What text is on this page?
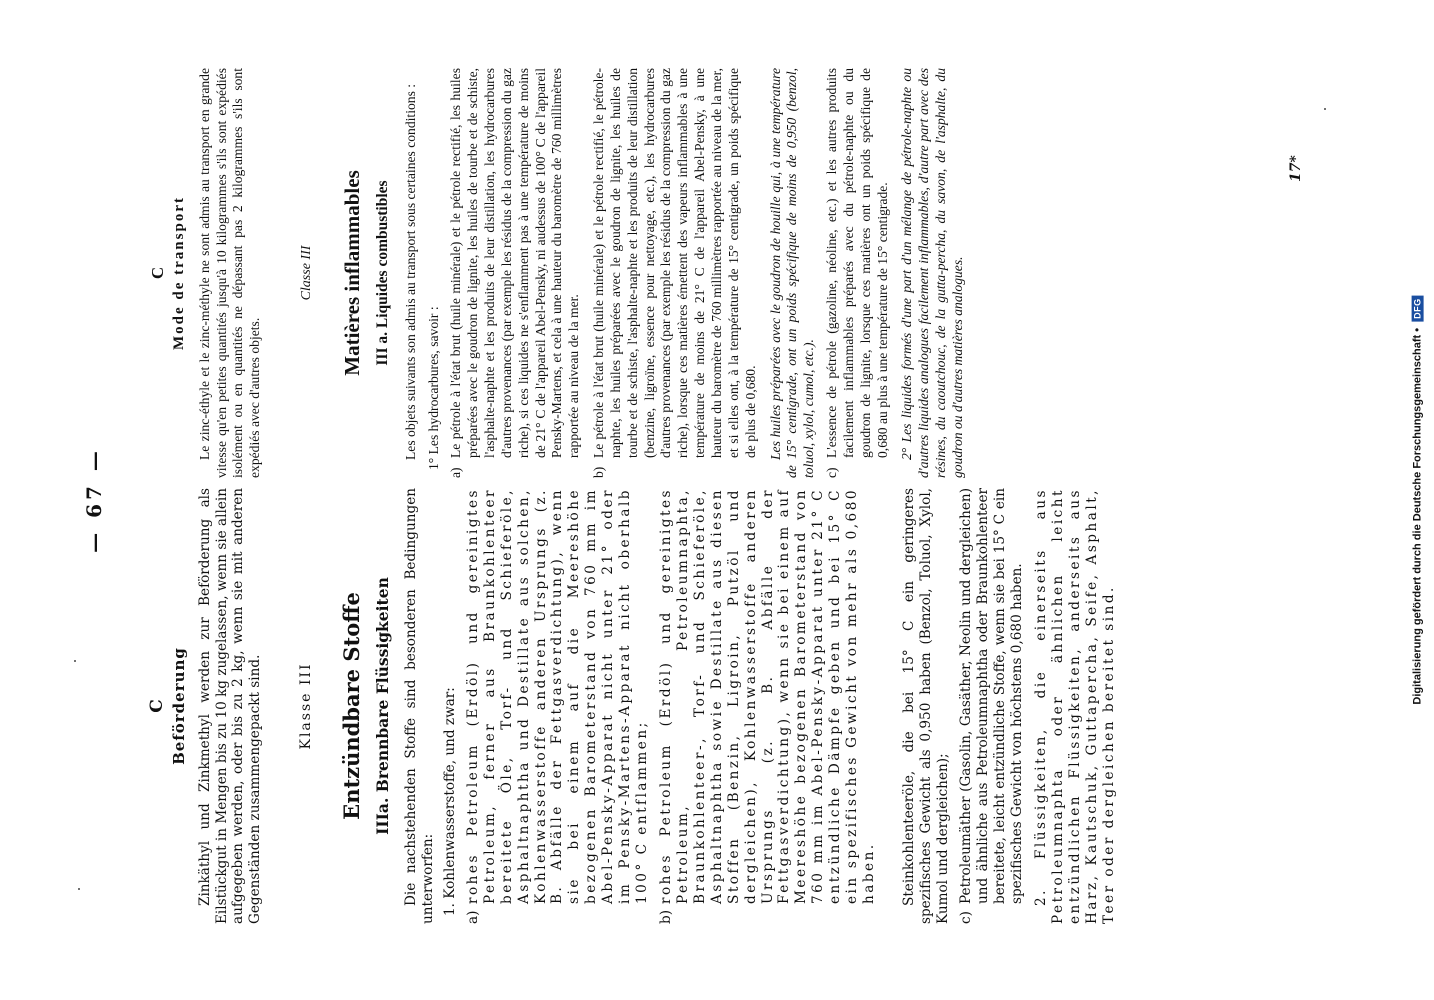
— 67 —
C Beförderung Zinkäthyl und Zinkmethyl werden zur Beförderung als Eilstückgut in Mengen bis zu 10 kg zugelassen, wenn sie allein aufgegeben werden, oder bis zu 2 kg, wenn sie mit anderen Gegenständen zusammengepackt sind. Klasse III Entzündbare Stoffe IIIa. Brennbare Flüssigkeiten Die nachstehenden Stoffe sind besonderen Bedingungen unterworfen: 1. Kohlenwasserstoffe, und zwar:
a)
rohes Petroleum (Erdöl) und gereinigtes Petroleum, ferner aus Braunkohlenteer bereitete Öle, Torf- und Schieferöle, Asphaltnaphtha und Destillate aus solchen, Kohlenwasserstoffe anderen Ursprungs (z. B. Abfälle der Fettgasverdichtung), wenn sie bei einem auf die Meereshöhe bezogenen Barometerstand von 760 mm im Abel-Pensky-Apparat nicht unter 21° oder im Pensky-Martens-Apparat nicht oberhalb 100° C entflammen;
b)
rohes Petroleum (Erdöl) und gereinigtes Petroleum, Petroleumnaphta, Braunkohlenteer-, Torf- und Schieferöle, Asphaltnaphtha sowie Destillate aus diesen Stoffen (Benzin, Ligroin, Putzöl und dergleichen), Kohlenwasserstoffe anderen Ursprungs (z. B. Abfälle der Fettgasverdichtung), wenn sie bei einem auf Meereshöhe bezogenen Barometerstand von 760 mm im Abel-Pensky-Apparat unter 21° C entzündliche Dämpfe geben und bei 15° C ein spezifisches Gewicht von mehr als 0,680 haben. Steinkohlenteeröle, die bei 15° C ein geringeres spezifisches Gewicht als 0,950 haben (Benzol, Toluol, Xylol, Kumol und dergleichen); c)
Petroleumäther (Gasolin, Gasäther, Neolin und dergleichen) und ähnliche aus Petroleumnaphtha oder Braunkohlenteer bereitete, leicht entzündliche Stoffe, wenn sie bei 15° C ein spezifisches Gewicht von höchstens 0,680 haben. 2. Flüssigkeiten, die einerseits aus Petroleumnaphta oder ähnlichen leicht entzündlichen Flüssigkeiten, anderseits aus Harz, Kautschuk, Guttapercha, Seife, Asphalt, Teer oder dergleichen bereitet sind.

C Mode de transport Le zinc-éthyle et le zinc-méthyle ne sont admis au transport en grande vitesse qu'en petites quantités jusqu'à 10 kilogrammes s'ils sont expédiés isolément ou en quantités ne dépassant pas 2 kilogrammes s'ils sont expédiés avec d'autres objets.

Classe III Matières inflammables III a. Liquides combustibles Les objets suivants son admis au transport sous certaines conditions : 1° Les hydrocarbures, savoir :
a)
Le pétrole à l'état brut (huile minérale) et le pétrole rectifié, les huiles préparées avec le goudron de lignite, les huiles de tourbe et de schiste, l'asphalte-naphte et les produits de leur distillation, les hydrocarbures d'autres provenances (par exemple les résidus de la compression du gaz riche), si ces liquides ne s'enflamment pas à une température de moins de 21° C de l'appareil Abel-Pensky, ni audessus de 100° C de l'appareil Pensky-Martens, et cela à une hauteur du baromètre de 760 millimètres rapportée au niveau de la mer.
b)
Le pétrole à l'état brut (huile minérale) et le pétrole rectifié, le pétrole-naphte, les huiles préparées avec le goudron de lignite, les huiles de tourbe et de schiste, l'asphalte-naphte et les produits de leur distillation (benzine, ligroïne, essence pour nettoyage, etc.), les hydrocarbures d'autres provenances (par exemple les résidus de la compression du gaz riche), lorsque ces matières émettent des vapeurs inflammables à une température de moins de 21° C de l'appareil Abel-Pensky, à une hauteur du baromètre de 760 millimètres rapportée au niveau de la mer, et si elles ont, à la température de 15° centigrade, un poids spécifique de plus de 0,680. Les huiles préparées avec le goudron de houille qui, à une température de 15° centigrade, ont un poids spécifique de moins de 0,950 (benzol, toluol, xylol, cumol, etc.). c)
L'essence de pétrole (gazoline, néoline, etc.) et les autres produits facilement inflammables préparés avec du pétrole-naphte ou du goudron de lignite, lorsque ces matières ont un poids spécifique de 0,680 au plus à une température de 15° centigrade. 2° Les liquides formés d'une part d'un mélange de pétrole-naphte ou d'autres liquides analogues facilement inflammables, d'autre part avec des résines, du caoutchouc, de la gutta-percha, du savon, de l'asphalte, du goudron ou d'autres matières analogues.

17*
Digitalisierung gefördert durch die Deutsche Forschungsgemeinschaft •
DFG
